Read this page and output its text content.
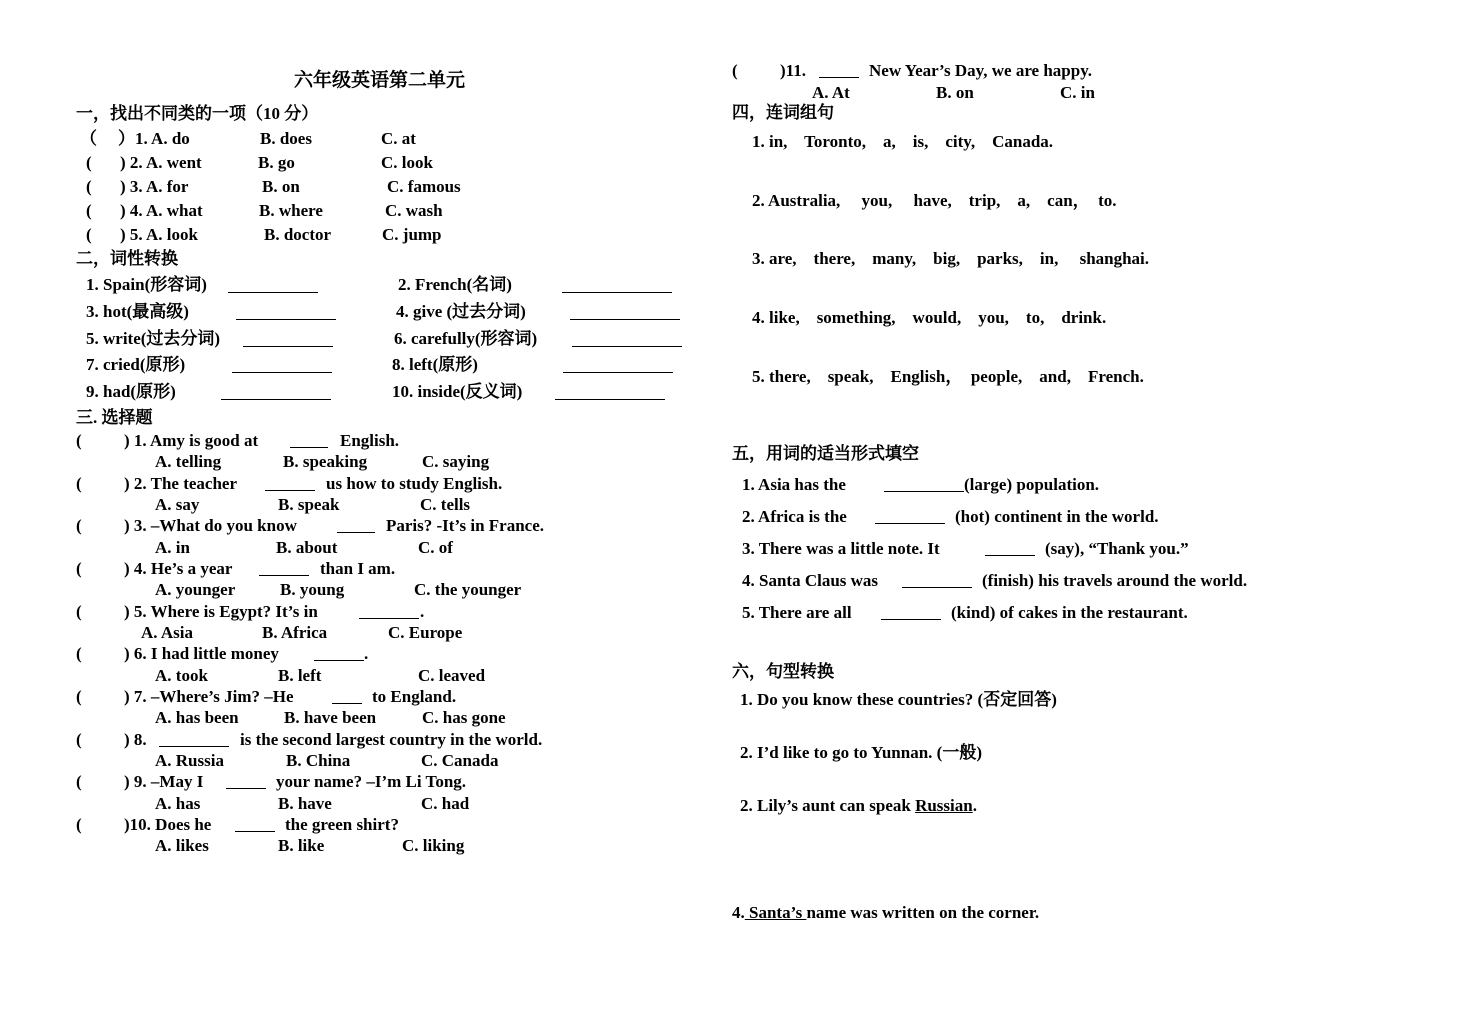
六年级英语第二单元
一，找出不同类的一项（10 分）
（ ）1. A. do	B. does	C. at
( ) 2. A. went	B. go	C. look
( ) 3. A. for	B. on	C. famous
( ) 4. A. what	B. where	C. wash
( ) 5. A. look	B. doctor	C. jump
二，词性转换
1. Spain(形容词)	2. French(名词)
3. hot(最高级)	4. give (过去分词)
5. write(过去分词)	6. carefully(形容词)
7. cried(原形)	8. left(原形)
9. had(原形)	10. inside(反义词)
三. 选择题
( ) 1. Amy is good at	English.
A. telling	B. speaking	C. saying
( ) 2. The teacher	us how to study English.
A. say	B. speak	C. tells
( ) 3. –What do you know	Paris? -It’s in France.
A. in	B. about	C. of
( ) 4. He’s a year	than I am.
A. younger	B. young	C. the younger
( ) 5. Where is Egypt? It’s in	.
A. Asia	B. Africa	C. Europe
( ) 6. I had little money	.
A. took	B. left	C. leaved
( ) 7. –Where’s Jim? –He	to England.
A. has been	B. have been	C. has gone
( ) 8.	is the second largest country in the world.
A. Russia	B. China	C. Canada
( ) 9. –May I	your name? –I’m Li Tong.
A. has	B. have	C. had
( )10. Does he	the green shirt?
A. likes	B. like	C. liking
( )11.	New Year’s Day, we are happy.
A. At	B. on	C. in
四，连词组句
1. in,    Toronto,    a,    is,    city,    Canada.
2. Australia,     you,     have,    trip,    a,    can，  to.
3. are,    there,    many,    big,    parks,    in,     shanghai.
4. like,    something,    would,    you,    to,    drink.
5. there,    speak,    English，  people,    and,    French.
五，用词的适当形式填空
1. Asia has the	(large) population.
2. Africa is the	(hot) continent in the world.
3. There was a little note. It	(say), “Thank you.”
4. Santa Claus was	(finish) his travels around the world.
5. There are all	(kind) of cakes in the restaurant.
六，句型转换
1. Do you know these countries? (否定回答)
2. I’d like to go to Yunnan. (一般)
2. Lily’s aunt can speak Russian.
4. Santa’s name was written on the corner.
